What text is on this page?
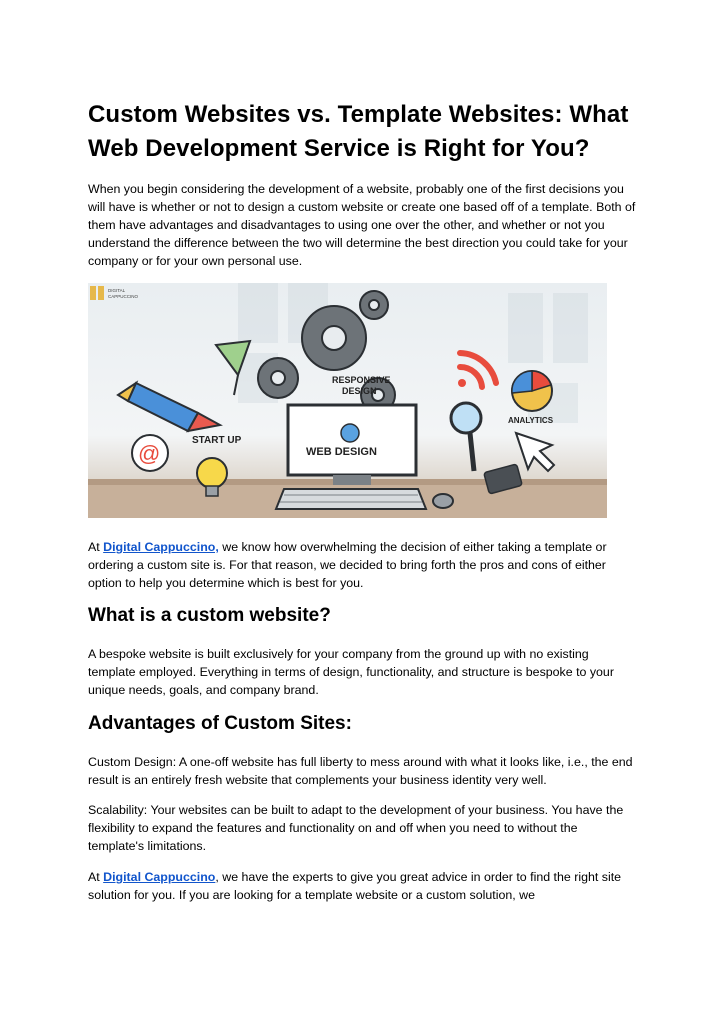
Custom Websites vs. Template Websites: What Web Development Service is Right for You?

When you begin considering the development of a website, probably one of the first decisions you will have is whether or not to design a custom website or create one based off of a template. Both of them have advantages and disadvantages to using one over the other, and whether or not you understand the difference between the two will determine the best direction you could take for your company or for your own personal use.

DIGITAL
CAPPUCCINO
START UP
@
RESPONSIVE
DESIGN
WEB DESIGN
ANALYTICS

At Digital Cappuccino, we know how overwhelming the decision of either taking a template or ordering a custom site is. For that reason, we decided to bring forth the pros and cons of either option to help you determine which is best for you.

What is a custom website?

A bespoke website is built exclusively for your company from the ground up with no existing template employed. Everything in terms of design, functionality, and structure is bespoke to your unique needs, goals, and company brand.

Advantages of Custom Sites:

Custom Design: A one-off website has full liberty to mess around with what it looks like, i.e., the end result is an entirely fresh website that complements your business identity very well.

Scalability: Your websites can be built to adapt to the development of your business. You have the flexibility to expand the features and functionality on and off when you need to without the template's limitations.

At Digital Cappuccino, we have the experts to give you great advice in order to find the right site solution for you. If you are looking for a template website or a custom solution, we
